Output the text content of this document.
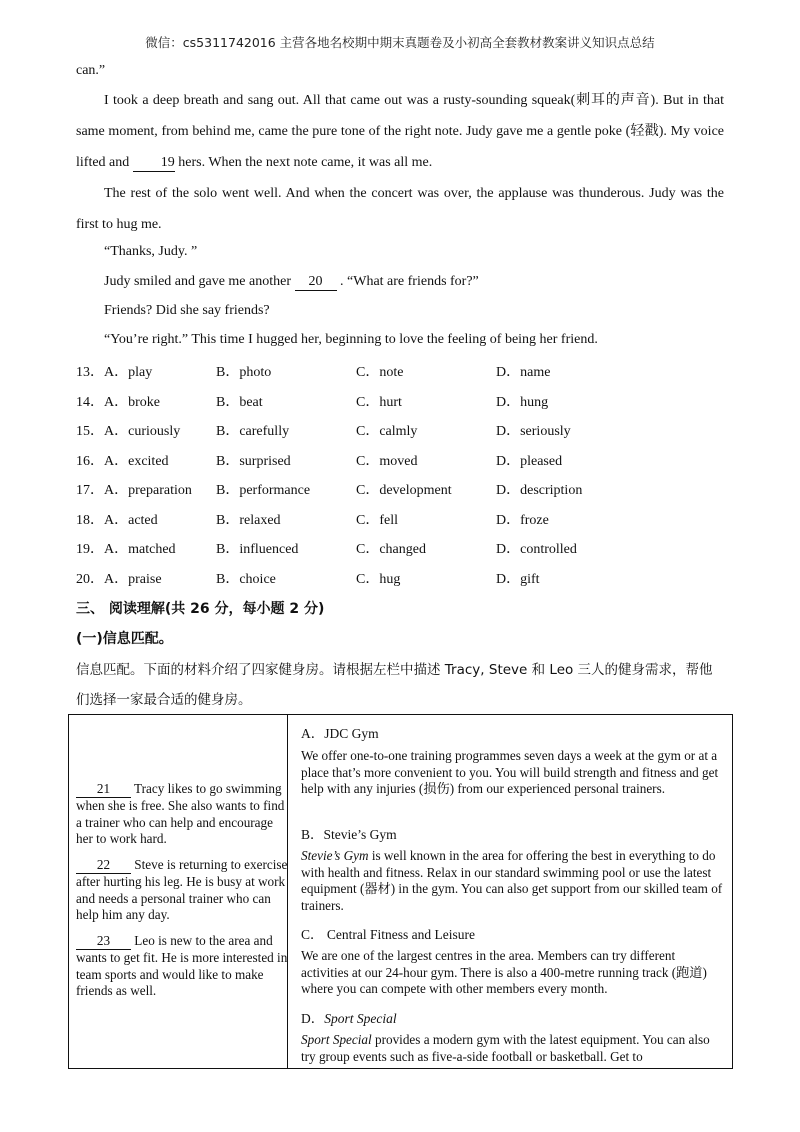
微信：cs5311742016 主营各地名校期中期末真题卷及小初高全套教材教案讲义知识点总结
can.”
I took a deep breath and sang out. All that came out was a rusty-sounding squeak(刺耳的声音). But in that same moment, from behind me, came the pure tone of the right note. Judy gave me a gentle poke (轻戳). My voice lifted and 19 hers. When the next note came, it was all me.
The rest of the solo went well. And when the concert was over, the applause was thunderous. Judy was the first to hug me.
“Thanks, Judy. ”
Judy smiled and gave me another 20 . “What are friends for?”
Friends? Did she say friends?
“You’re right.” This time I hugged her, beginning to love the feeling of being her friend.
13． A．play	B．photo	C．note	D．name
14． A．broke	B．beat	C．hurt	D．hung
15． A．curiously	B．carefully	C．calmly	D．seriously
16． A．excited	B．surprised	C．moved	D．pleased
17． A．preparation B．performance	C．development	D．description
18． A．acted	B．relaxed	C．fell	D．froze
19． A．matched	B．influenced	C．changed	D．controlled
20． A．praise	B．choice	C．hug	D．gift
三、 阅读理解(共 26 分，每小题 2 分)
(一)信息匹配。
信息匹配。下面的材料介绍了四家健身房。请根据左栏中描述 Tracy, Steve 和 Leo 三人的健身需求，帮他
们选择一家最合适的健身房。

21 Tracy likes to go swimming when she is free. She also wants to find a trainer who can help and encourage her to work hard.
22 Steve is returning to exercise after hurting his leg. He is busy at work and needs a personal trainer who can help him any day.
23 Leo is new to the area and wants to get fit. He is more interested in team sports and would like to make friends as well.
A．JDC Gym
We offer one-to-one training programmes seven days a week at the gym or at a place that’s more convenient to you. You will build strength and fitness and get help with any injuries (损伤) from our experienced personal trainers.
B．Stevie’s Gym
Stevie’s Gym is well known in the area for offering the best in everything to do with health and fitness. Relax in our standard swimming pool or use the latest equipment (器材) in the gym. You can also get support from our skilled team of trainers.
C． Central Fitness and Leisure
We are one of the largest centres in the area. Members can try different activities at our 24-hour gym. There is also a 400-metre running track (跑道) where you can compete with other members every month.
D．Sport Special
Sport Special provides a modern gym with the latest equipment. You can also try group events such as five-a-side football or basketball. Get to
